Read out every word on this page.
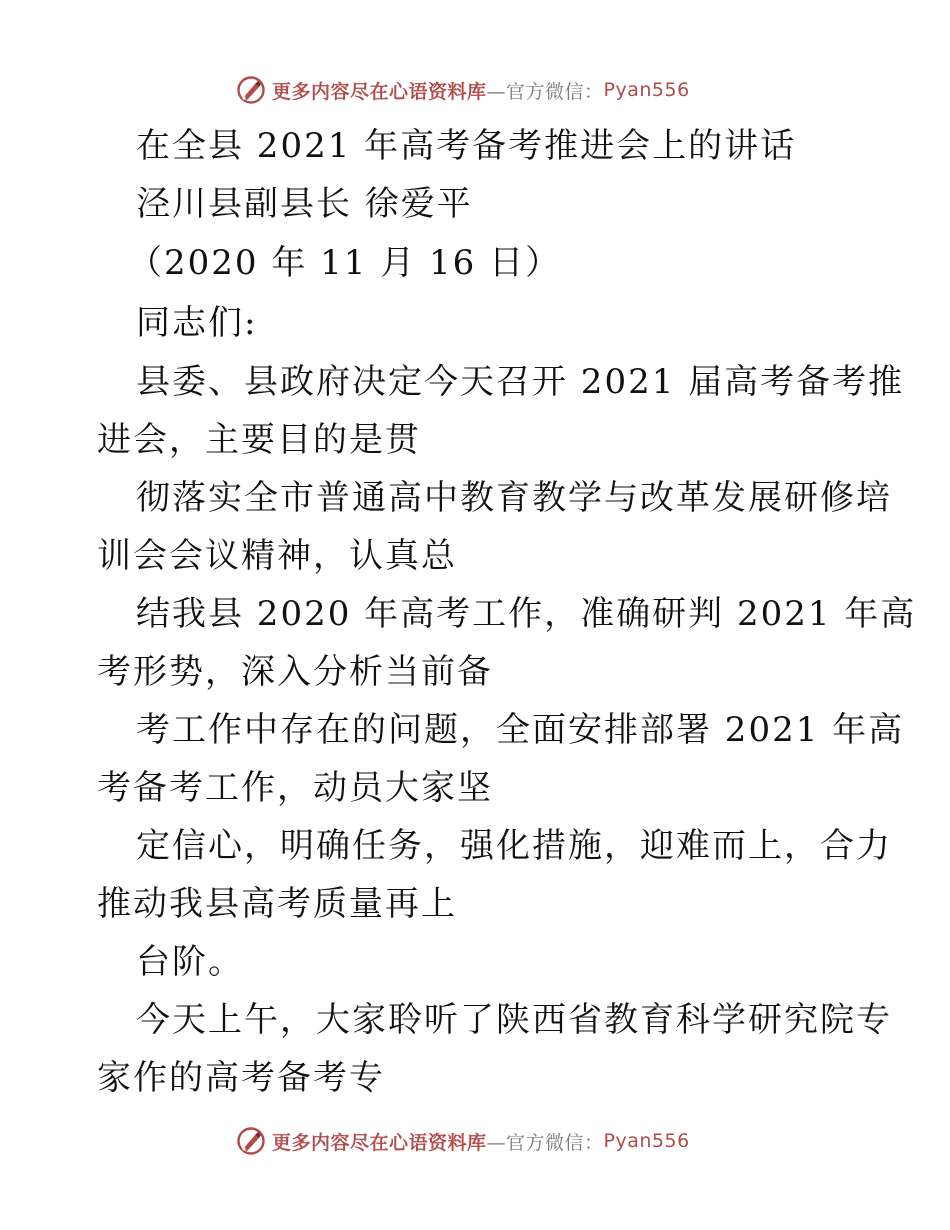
更多内容尽在心语资料库 —官方微信： Pyan556
在全县 2021 年高考备考推进会上的讲话
泾川县副县长 徐爱平
（2020 年 11 月 16 日）
同志们:
县委、县政府决定今天召开 2021 届高考备考推
进会，主要目的是贯
彻落实全市普通高中教育教学与改革发展研修培
训会会议精神，认真总
结我县 2020 年高考工作，准确研判 2021 年高
考形势，深入分析当前备
考工作中存在的问题，全面安排部署 2021 年高
考备考工作，动员大家坚
定信心，明确任务，强化措施，迎难而上，合力
推动我县高考质量再上
台阶。
今天上午，大家聆听了陕西省教育科学研究院专
家作的高考备考专
更多内容尽在心语资料库 —官方微信： Pyan556
